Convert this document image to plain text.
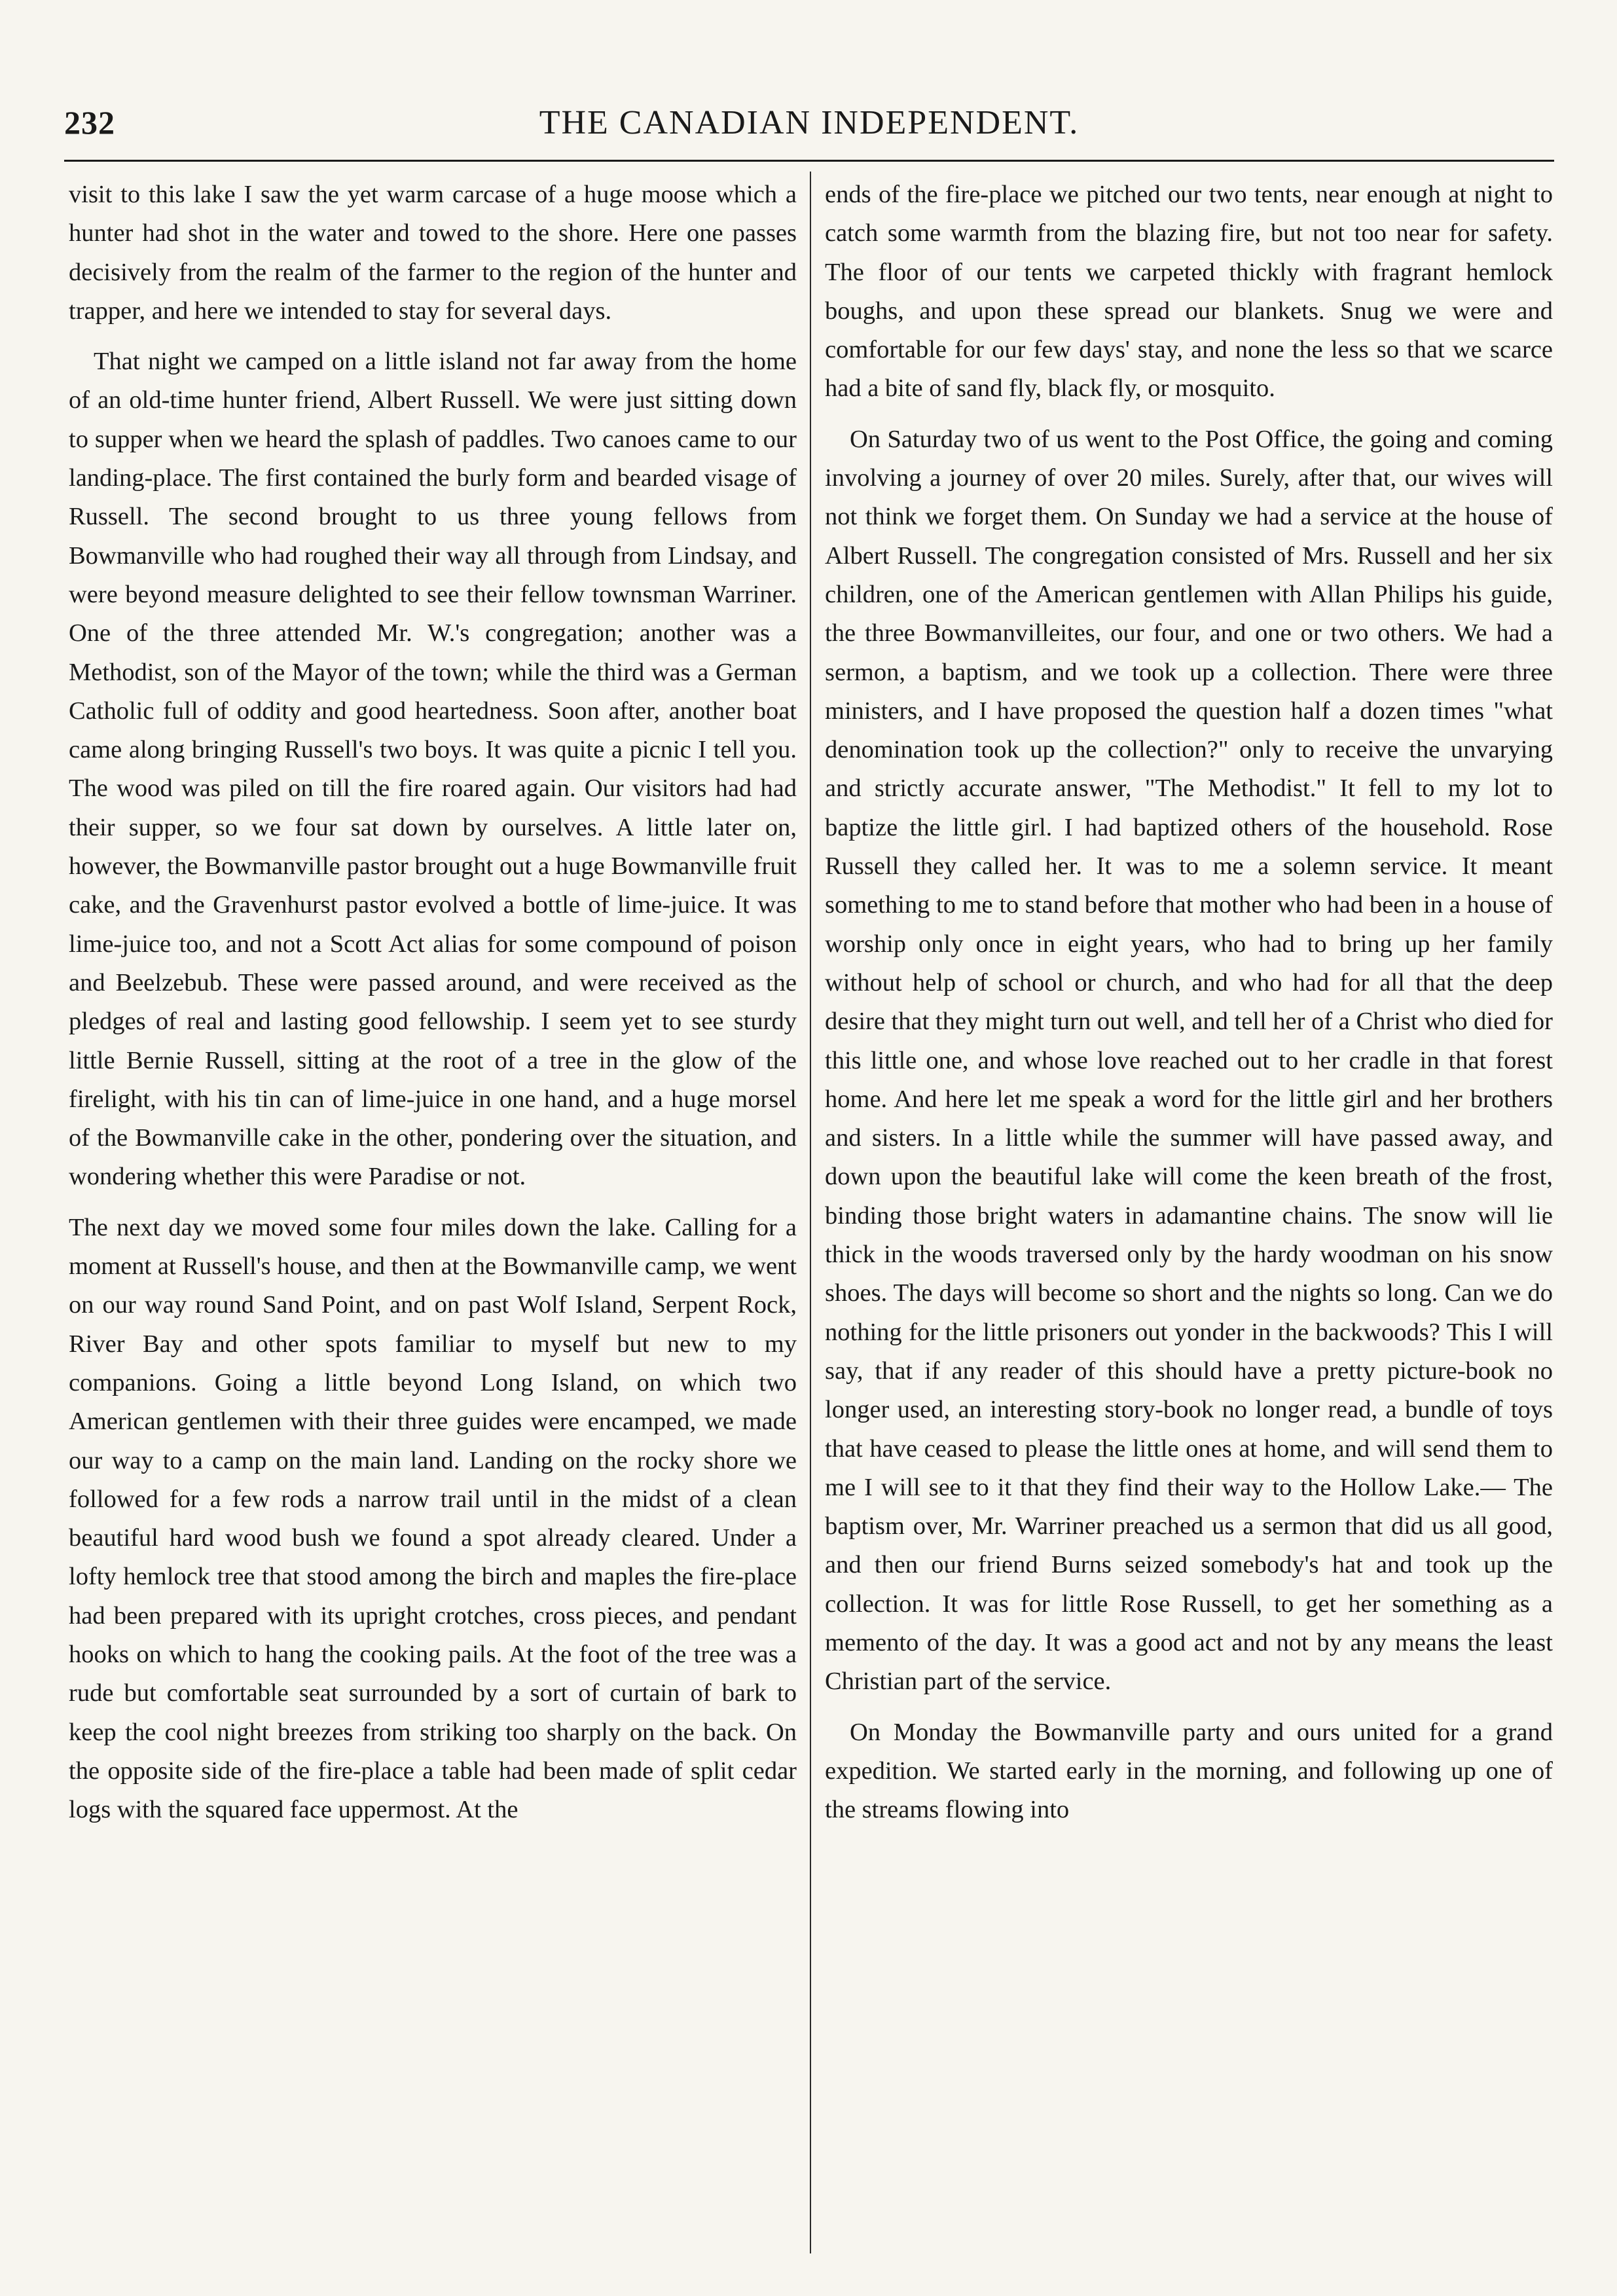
232	THE CANADIAN INDEPENDENT.

visit to this lake I saw the yet warm carcase of a huge moose which a hunter had shot in the water and towed to the shore. Here one passes decisively from the realm of the farmer to the region of the hunter and trapper, and here we intended to stay for several days.

That night we camped on a little island not far away from the home of an old-time hunter friend, Albert Russell. We were just sitting down to supper when we heard the splash of paddles. Two canoes came to our landing-place. The first contained the burly form and bearded visage of Russell. The second brought to us three young fellows from Bowmanville who had roughed their way all through from Lindsay, and were beyond measure delighted to see their fellow townsman Warriner. One of the three attended Mr. W.'s congregation; another was a Methodist, son of the Mayor of the town; while the third was a German Catholic full of oddity and good heartedness. Soon after, another boat came along bringing Russell's two boys. It was quite a picnic I tell you. The wood was piled on till the fire roared again. Our visitors had had their supper, so we four sat down by ourselves. A little later on, however, the Bowmanville pastor brought out a huge Bowmanville fruit cake, and the Gravenhurst pastor evolved a bottle of lime-juice. It was lime-juice too, and not a Scott Act alias for some compound of poison and Beelzebub. These were passed around, and were received as the pledges of real and lasting good fellowship. I seem yet to see sturdy little Bernie Russell, sitting at the root of a tree in the glow of the firelight, with his tin can of lime-juice in one hand, and a huge morsel of the Bowmanville cake in the other, pondering over the situation, and wondering whether this were Paradise or not.

The next day we moved some four miles down the lake. Calling for a moment at Russell's house, and then at the Bowmanville camp, we went on our way round Sand Point, and on past Wolf Island, Serpent Rock, River Bay and other spots familiar to myself but new to my companions. Going a little beyond Long Island, on which two American gentlemen with their three guides were encamped, we made our way to a camp on the main land. Landing on the rocky shore we followed for a few rods a narrow trail until in the midst of a clean beautiful hard wood bush we found a spot already cleared. Under a lofty hemlock tree that stood among the birch and maples the fire-place had been prepared with its upright crotches, cross pieces, and pendant hooks on which to hang the cooking pails. At the foot of the tree was a rude but comfortable seat surrounded by a sort of curtain of bark to keep the cool night breezes from striking too sharply on the back. On the opposite side of the fire-place a table had been made of split cedar logs with the squared face uppermost. At the

ends of the fire-place we pitched our two tents, near enough at night to catch some warmth from the blazing fire, but not too near for safety. The floor of our tents we carpeted thickly with fragrant hemlock boughs, and upon these spread our blankets. Snug we were and comfortable for our few days' stay, and none the less so that we scarce had a bite of sand fly, black fly, or mosquito.

On Saturday two of us went to the Post Office, the going and coming involving a journey of over 20 miles. Surely, after that, our wives will not think we forget them. On Sunday we had a service at the house of Albert Russell. The congregation consisted of Mrs. Russell and her six children, one of the American gentlemen with Allan Philips his guide, the three Bowmanvilleites, our four, and one or two others. We had a sermon, a baptism, and we took up a collection. There were three ministers, and I have proposed the question half a dozen times "what denomination took up the collection?" only to receive the unvarying and strictly accurate answer, "The Methodist." It fell to my lot to baptize the little girl. I had baptized others of the household. Rose Russell they called her. It was to me a solemn service. It meant something to me to stand before that mother who had been in a house of worship only once in eight years, who had to bring up her family without help of school or church, and who had for all that the deep desire that they might turn out well, and tell her of a Christ who died for this little one, and whose love reached out to her cradle in that forest home. And here let me speak a word for the little girl and her brothers and sisters. In a little while the summer will have passed away, and down upon the beautiful lake will come the keen breath of the frost, binding those bright waters in adamantine chains. The snow will lie thick in the woods traversed only by the hardy woodman on his snow shoes. The days will become so short and the nights so long. Can we do nothing for the little prisoners out yonder in the backwoods? This I will say, that if any reader of this should have a pretty picture-book no longer used, an interesting story-book no longer read, a bundle of toys that have ceased to please the little ones at home, and will send them to me I will see to it that they find their way to the Hollow Lake.— The baptism over, Mr. Warriner preached us a sermon that did us all good, and then our friend Burns seized somebody's hat and took up the collection. It was for little Rose Russell, to get her something as a memento of the day. It was a good act and not by any means the least Christian part of the service.

On Monday the Bowmanville party and ours united for a grand expedition. We started early in the morning, and following up one of the streams flowing into
